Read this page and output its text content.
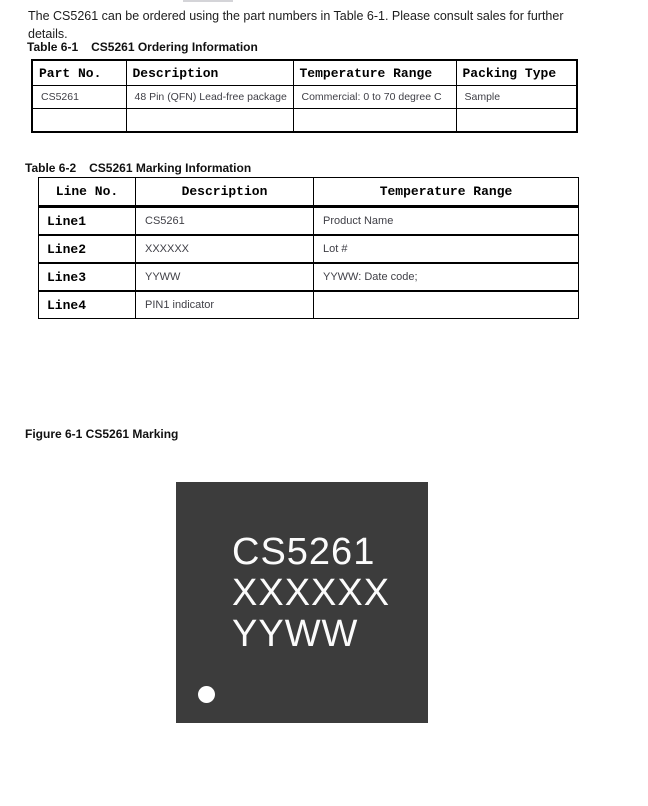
The CS5261 can be ordered using the part numbers in Table 6-1. Please consult sales for further details.

Table 6-1 CS5261 Ordering Information
Part No.	Description	Temperature Range	Packing Type
CS5261	48 Pin (QFN) Lead-free package	Commercial: 0 to 70 degree C	Sample

Table 6-2 CS5261 Marking Information
Line No.	Description	Temperature Range
Line1	CS5261	Product Name
Line2	XXXXXX	Lot #
Line3	YYWW	YYWW: Date code;
Line4	PIN1 indicator	
Figure 6-1 CS5261 Marking
CS5261
XXXXXX
YYWW
